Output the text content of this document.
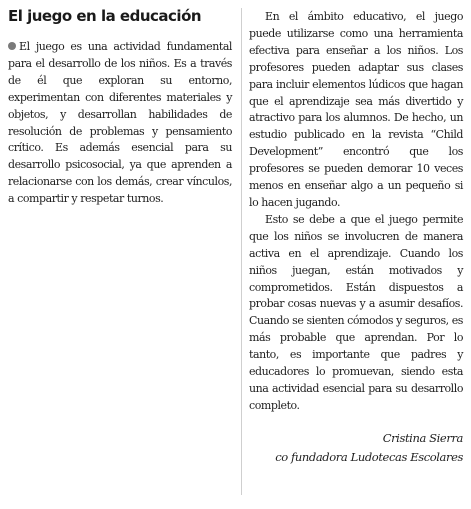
El juego en la educación

El juego es una actividad fundamental para el desarrollo de los niños. Es a través de él que exploran su entorno, experimentan con diferentes materiales y objetos, y desarrollan habilidades de resolución de problemas y pensamiento crítico. Es además esencial para su desarrollo psicosocial, ya que aprenden a relacionarse con los demás, crear vínculos, a compartir y respetar turnos.

En el ámbito educativo, el juego puede utilizarse como una herramienta efectiva para enseñar a los niños. Los profesores pueden adaptar sus clases para incluir elementos lúdicos que hagan que el aprendizaje sea más divertido y atractivo para los alumnos. De hecho, un estudio publicado en la revista “Child Development” encontró que los profesores se pueden demorar 10 veces menos en enseñar algo a un pequeño si lo hacen jugando.

Esto se debe a que el juego permite que los niños se involucren de manera activa en el aprendizaje. Cuando los niños juegan, están motivados y comprometidos. Están dispuestos a probar cosas nuevas y a asumir desafíos. Cuando se sienten cómodos y seguros, es más probable que aprendan. Por lo tanto, es importante que padres y educadores lo promuevan, siendo esta una actividad esencial para su desarrollo completo.

Cristina Sierra
co fundadora Ludotecas Escolares
